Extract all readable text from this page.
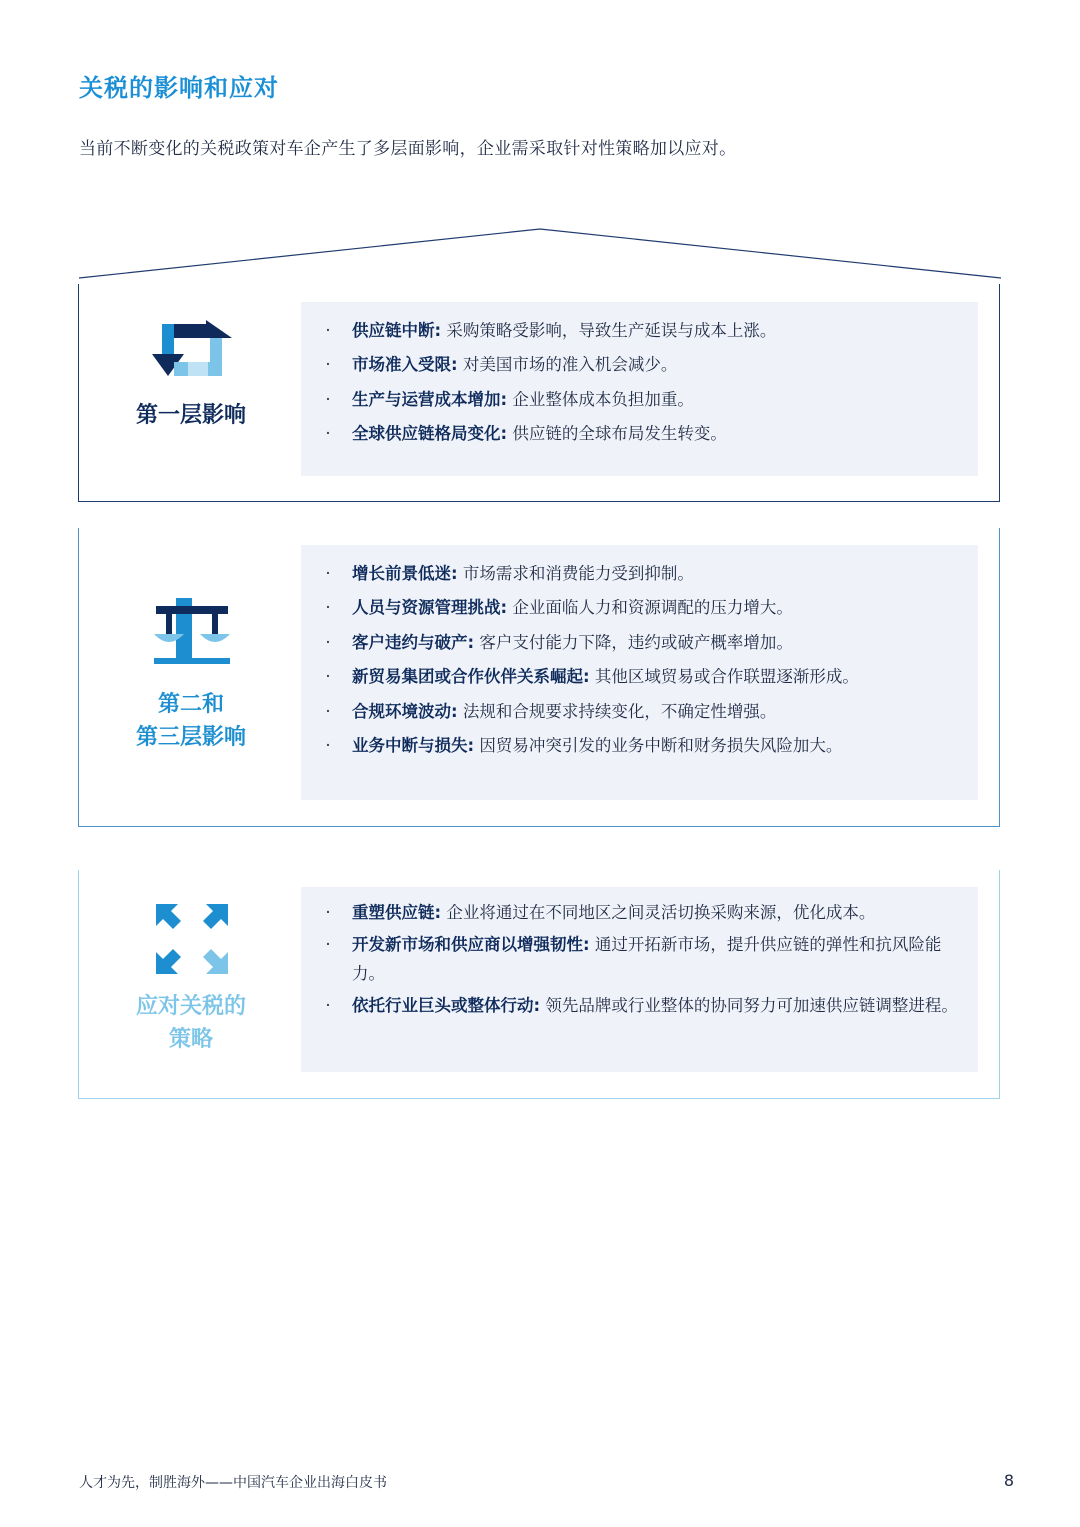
关税的影响和应对
当前不断变化的关税政策对车企产生了多层面影响，企业需采取针对性策略加以应对。
第一层影响
· 供应链中断: 采购策略受影响，导致生产延误与成本上涨。
· 市场准入受限: 对美国市场的准入机会减少。
· 生产与运营成本增加: 企业整体成本负担加重。
· 全球供应链格局变化: 供应链的全球布局发生转变。
第二和
第三层影响
· 增长前景低迷: 市场需求和消费能力受到抑制。
· 人员与资源管理挑战: 企业面临人力和资源调配的压力增大。
· 客户违约与破产: 客户支付能力下降，违约或破产概率增加。
· 新贸易集团或合作伙伴关系崛起: 其他区域贸易或合作联盟逐渐形成。
· 合规环境波动: 法规和合规要求持续变化，不确定性增强。
· 业务中断与损失: 因贸易冲突引发的业务中断和财务损失风险加大。
应对关税的
策略
· 重塑供应链: 企业将通过在不同地区之间灵活切换采购来源，优化成本。
· 开发新市场和供应商以增强韧性: 通过开拓新市场，提升供应链的弹性和抗风险能力。
· 依托行业巨头或整体行动: 领先品牌或行业整体的协同努力可加速供应链调整进程。
人才为先，制胜海外——中国汽车企业出海白皮书	8
